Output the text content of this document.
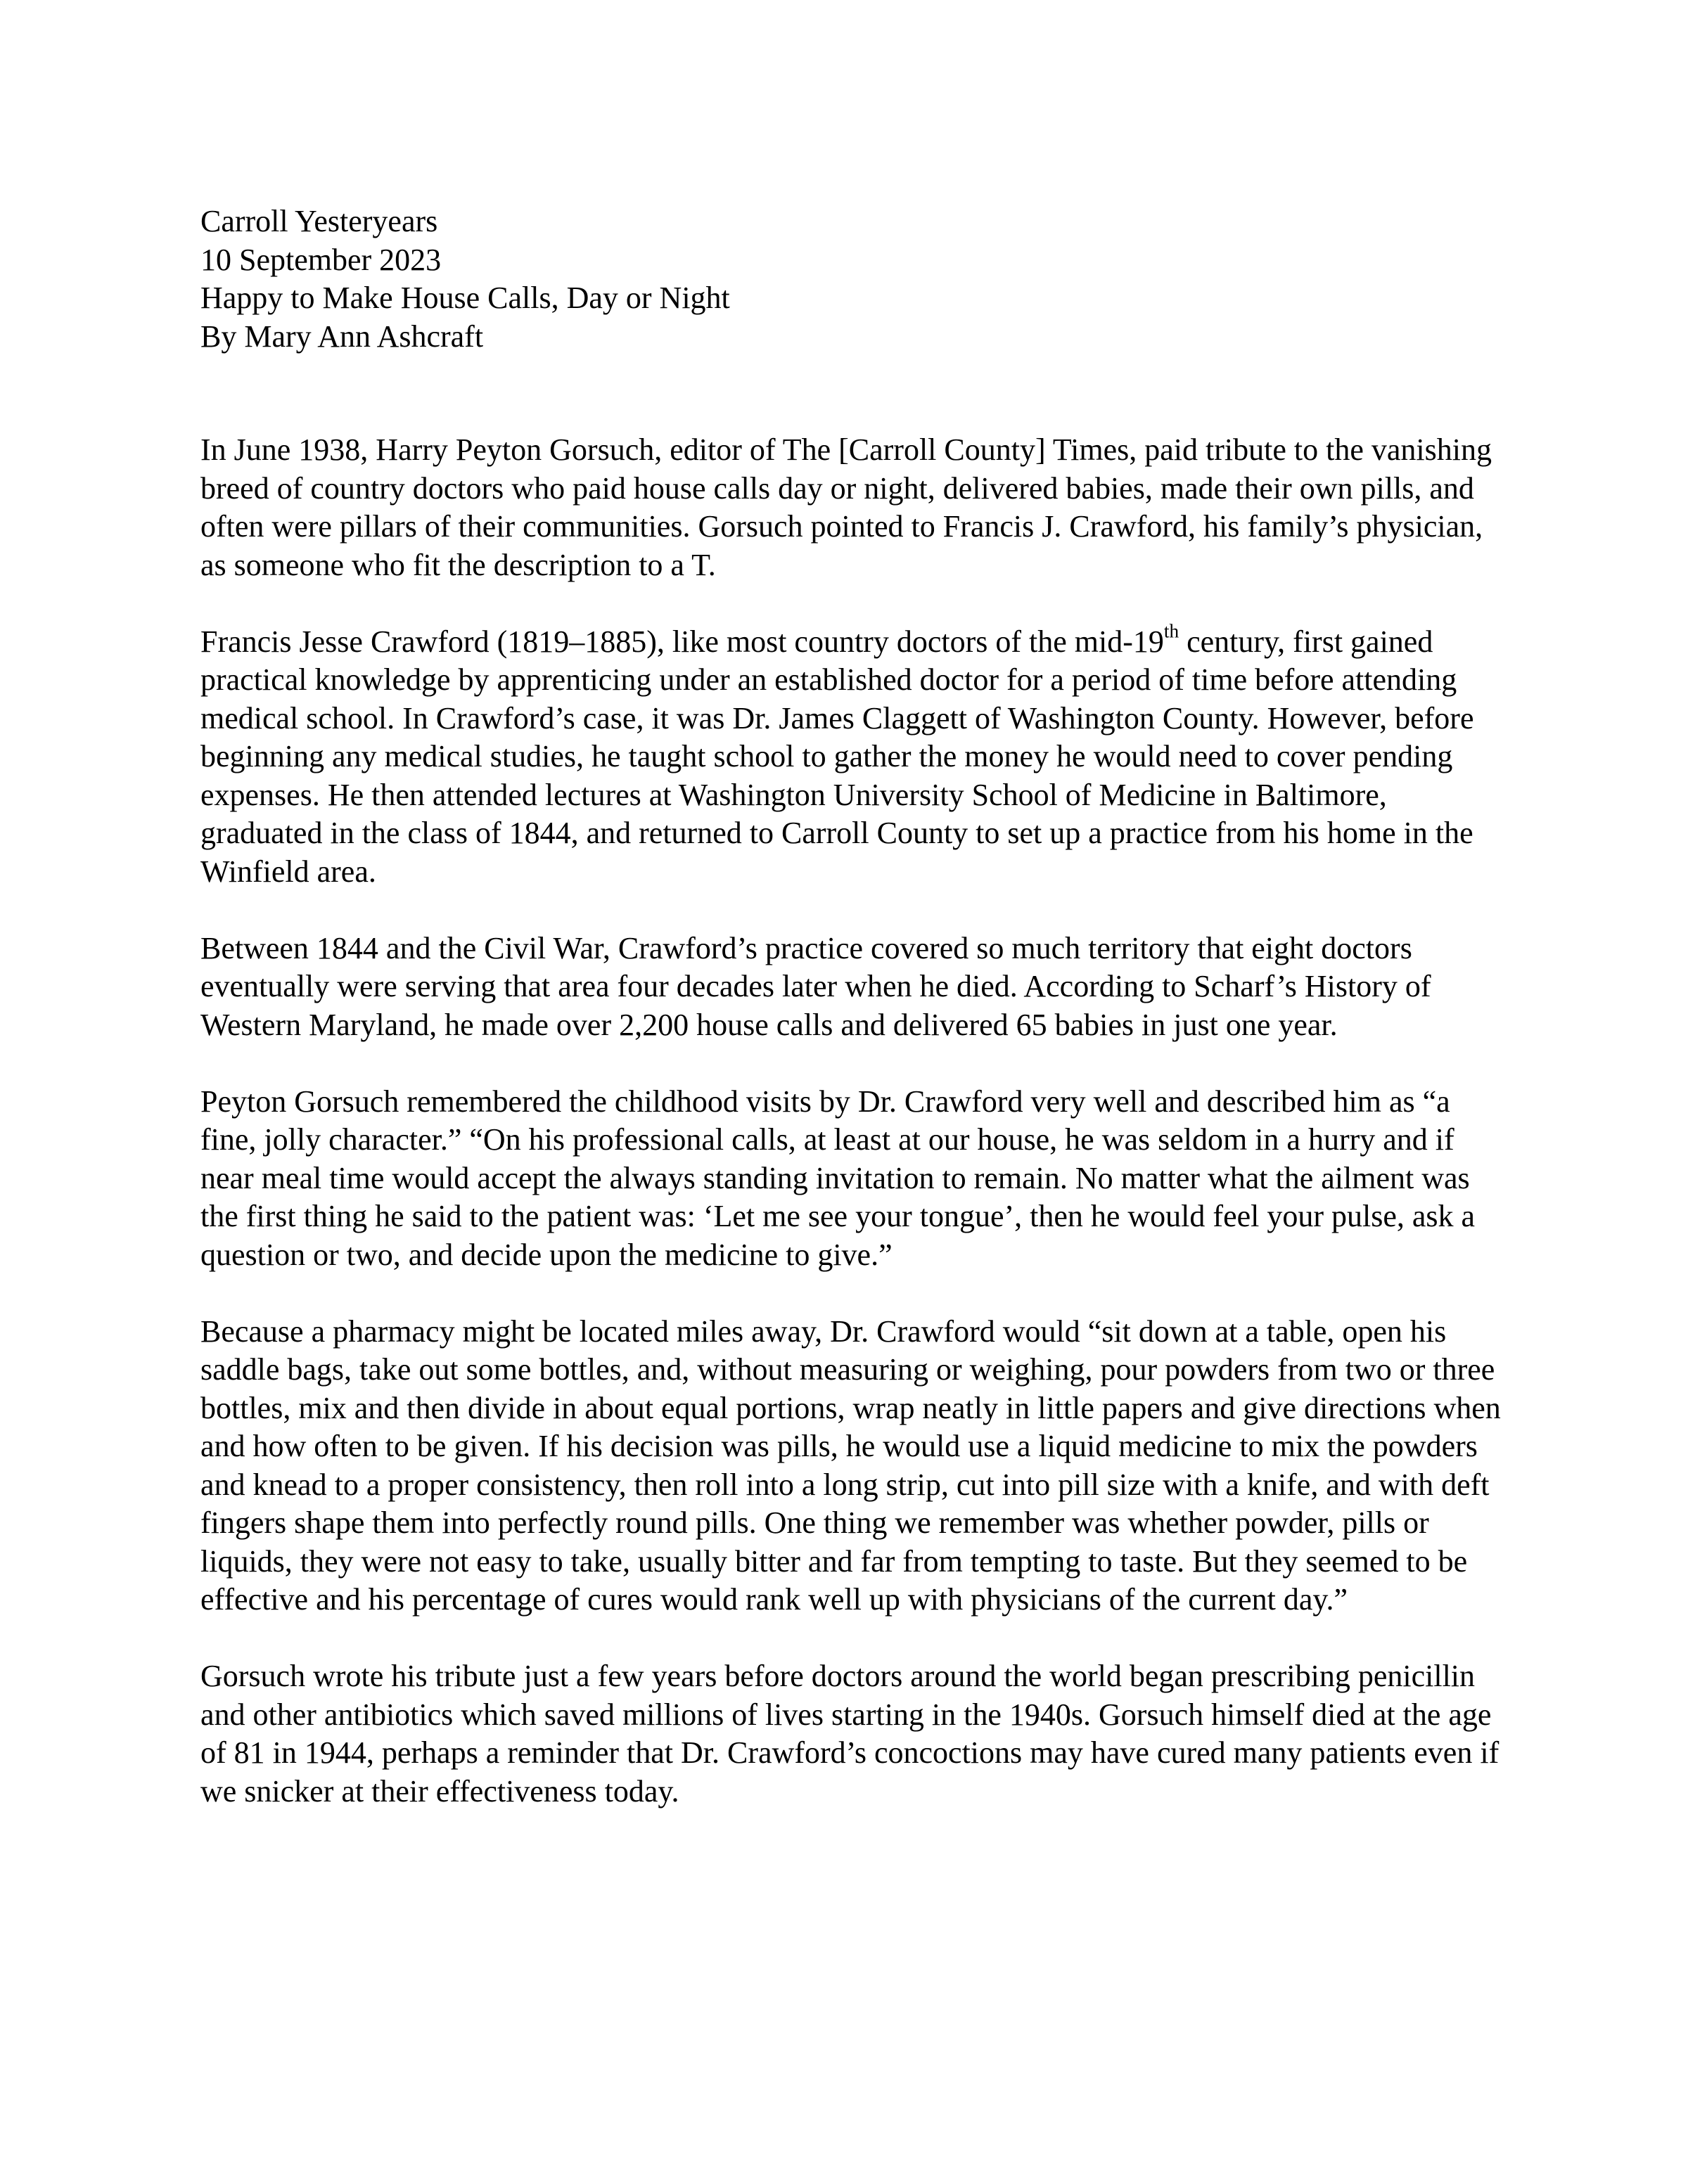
Carroll Yesteryears
10 September 2023
Happy to Make House Calls, Day or Night
By Mary Ann Ashcraft

In June 1938, Harry Peyton Gorsuch, editor of The [Carroll County] Times, paid tribute to the vanishing breed of country doctors who paid house calls day or night, delivered babies, made their own pills, and often were pillars of their communities. Gorsuch pointed to Francis J. Crawford, his family’s physician, as someone who fit the description to a T.

Francis Jesse Crawford (1819–1885), like most country doctors of the mid-19th century, first gained practical knowledge by apprenticing under an established doctor for a period of time before attending medical school. In Crawford’s case, it was Dr. James Claggett of Washington County. However, before beginning any medical studies, he taught school to gather the money he would need to cover pending expenses. He then attended lectures at Washington University School of Medicine in Baltimore, graduated in the class of 1844, and returned to Carroll County to set up a practice from his home in the Winfield area.

Between 1844 and the Civil War, Crawford’s practice covered so much territory that eight doctors eventually were serving that area four decades later when he died. According to Scharf’s History of Western Maryland, he made over 2,200 house calls and delivered 65 babies in just one year.

Peyton Gorsuch remembered the childhood visits by Dr. Crawford very well and described him as “a fine, jolly character.” “On his professional calls, at least at our house, he was seldom in a hurry and if near meal time would accept the always standing invitation to remain. No matter what the ailment was the first thing he said to the patient was: ‘Let me see your tongue’, then he would feel your pulse, ask a question or two, and decide upon the medicine to give.”

Because a pharmacy might be located miles away, Dr. Crawford would “sit down at a table, open his saddle bags, take out some bottles, and, without measuring or weighing, pour powders from two or three bottles, mix and then divide in about equal portions, wrap neatly in little papers and give directions when and how often to be given. If his decision was pills, he would use a liquid medicine to mix the powders and knead to a proper consistency, then roll into a long strip, cut into pill size with a knife, and with deft fingers shape them into perfectly round pills. One thing we remember was whether powder, pills or liquids, they were not easy to take, usually bitter and far from tempting to taste. But they seemed to be effective and his percentage of cures would rank well up with physicians of the current day.”

Gorsuch wrote his tribute just a few years before doctors around the world began prescribing penicillin and other antibiotics which saved millions of lives starting in the 1940s. Gorsuch himself died at the age of 81 in 1944, perhaps a reminder that Dr. Crawford’s concoctions may have cured many patients even if we snicker at their effectiveness today.
